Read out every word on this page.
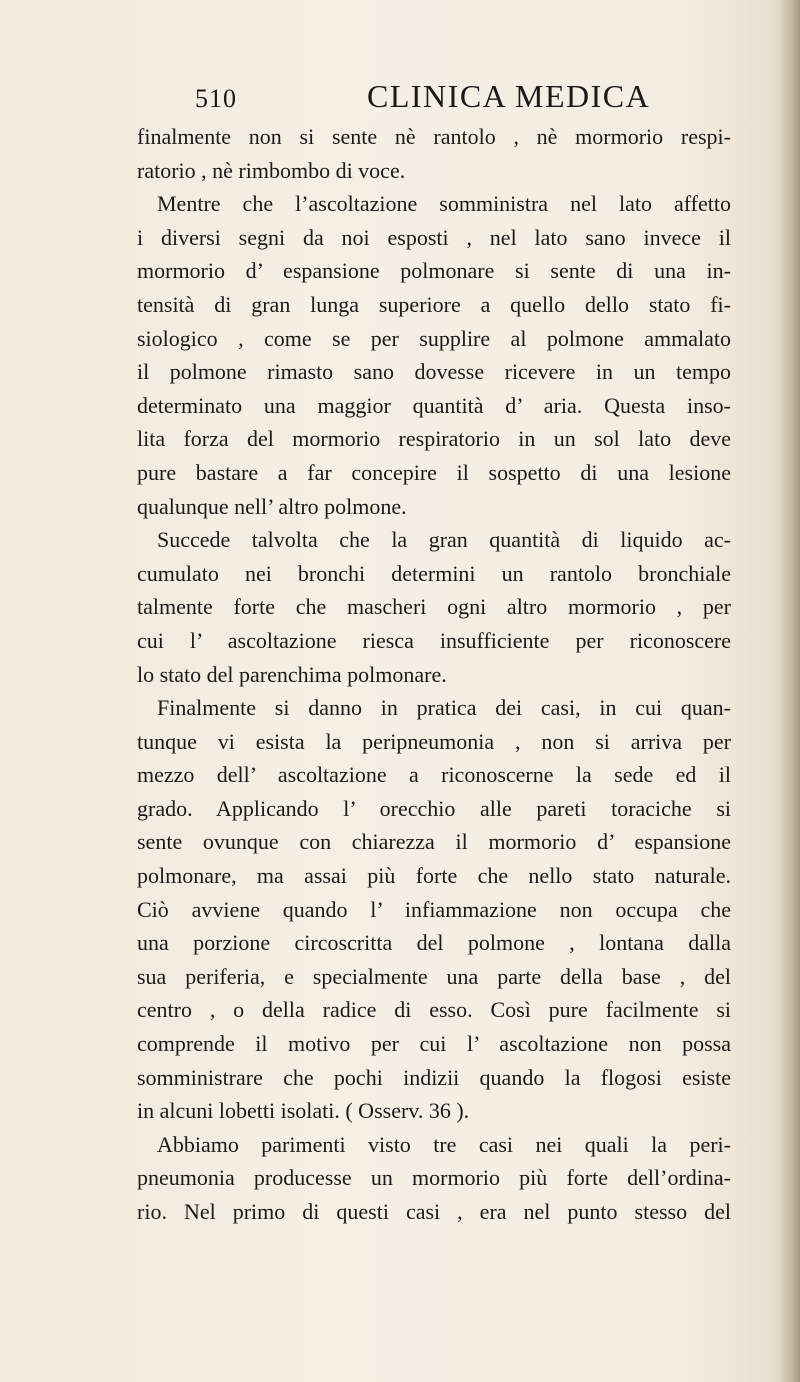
510	CLINICA MEDICA
finalmente non si sente nè rantolo , nè mormorio respi-
ratorio , nè rimbombo di voce.
Mentre che l’ascoltazione somministra nel lato affetto
i diversi segni da noi esposti , nel lato sano invece il
mormorio d’ espansione polmonare si sente di una in-
tensità di gran lunga superiore a quello dello stato fi-
siologico , come se per supplire al polmone ammalato
il polmone rimasto sano dovesse ricevere in un tempo
determinato una maggior quantità d’ aria. Questa inso-
lita forza del mormorio respiratorio in un sol lato deve
pure bastare a far concepire il sospetto di una lesione
qualunque nell’ altro polmone.
Succede talvolta che la gran quantità di liquido ac-
cumulato nei bronchi determini un rantolo bronchiale
talmente forte che mascheri ogni altro mormorio , per
cui l’ ascoltazione riesca insufficiente per riconoscere
lo stato del parenchima polmonare.
Finalmente si danno in pratica dei casi, in cui quan-
tunque vi esista la peripneumonia , non si arriva per
mezzo dell’ ascoltazione a riconoscerne la sede ed il
grado. Applicando l’ orecchio alle pareti toraciche si
sente ovunque con chiarezza il mormorio d’ espansione
polmonare, ma assai più forte che nello stato naturale.
Ciò avviene quando l’ infiammazione non occupa che
una porzione circoscritta del polmone , lontana dalla
sua periferia, e specialmente una parte della base , del
centro , o della radice di esso. Così pure facilmente si
comprende il motivo per cui l’ ascoltazione non possa
somministrare che pochi indizii quando la flogosi esiste
in alcuni lobetti isolati. ( Osserv. 36 ).
Abbiamo parimenti visto tre casi nei quali la peri-
pneumonia producesse un mormorio più forte dell’ordina-
rio. Nel primo di questi casi , era nel punto stesso del
